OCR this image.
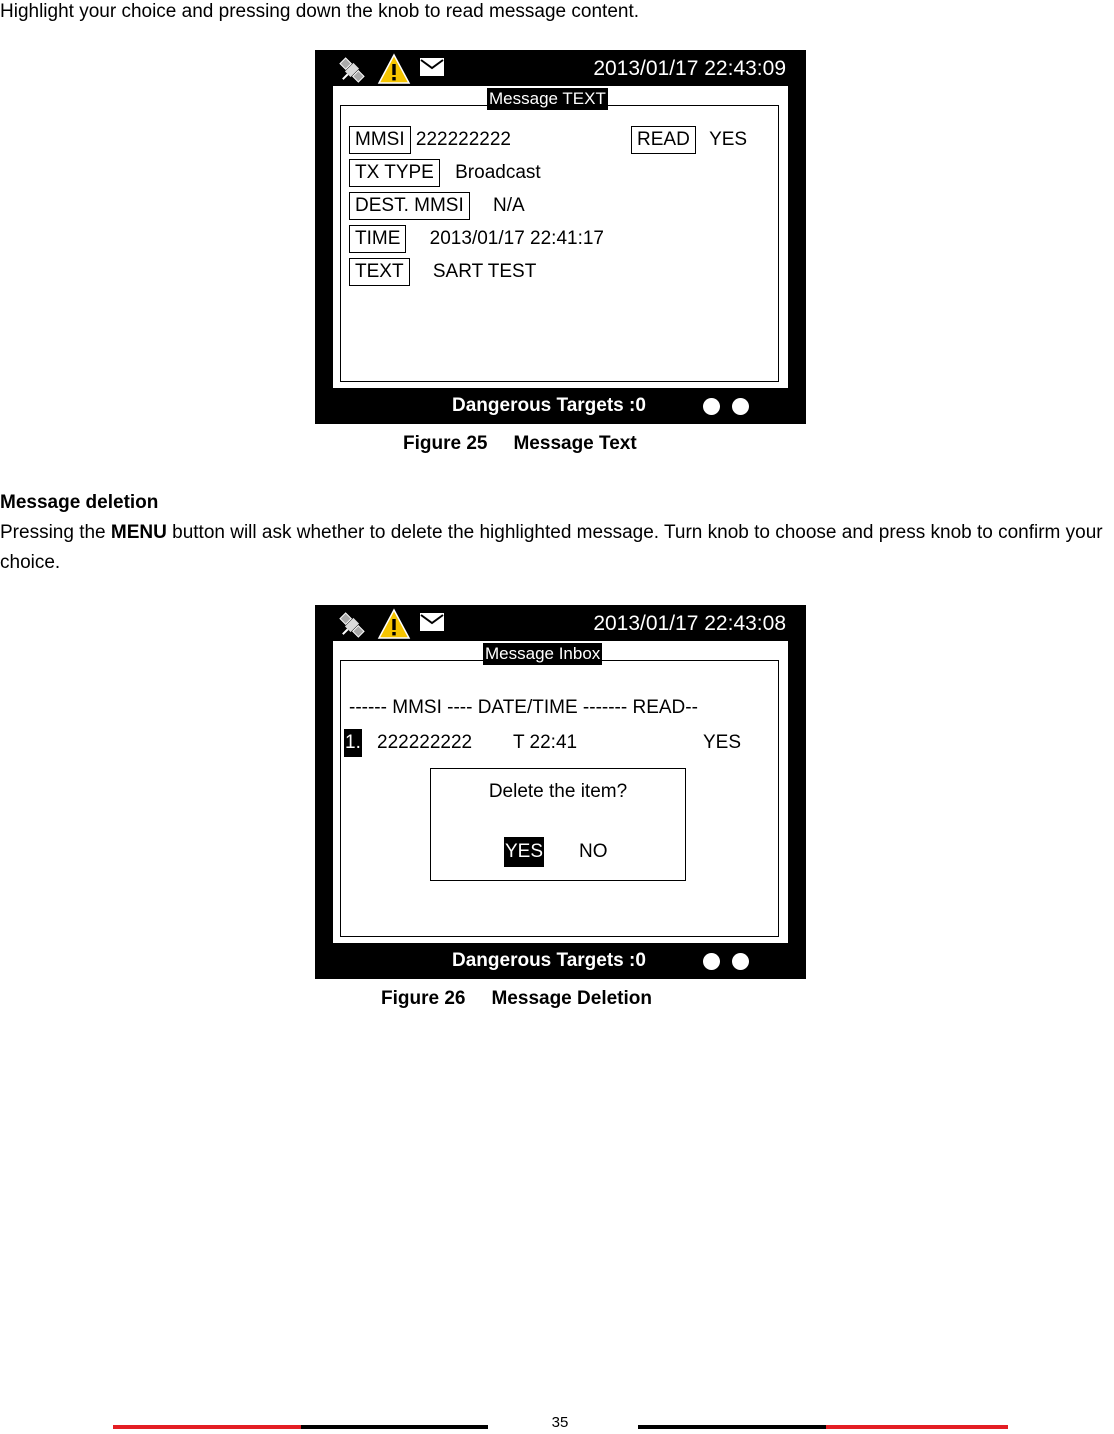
Highlight your choice and pressing down the knob to read message content.

2013/01/17 22:43:09
Message TEXT
MMSI 222222222	READ YES
TX TYPE Broadcast
DEST. MMSI N/A
TIME 2013/01/17 22:41:17
TEXT SART TEST
Dangerous Targets :0
Figure 25 Message Text

Message deletion

Pressing the MENU button will ask whether to delete the highlighted message. Turn knob to choose and press knob to confirm your choice.

2013/01/17 22:43:08
Message Inbox
------ MMSI ---- DATE/TIME ------- READ--
1. 222222222 T 22:41	YES
Delete the item?
YES NO
Dangerous Targets :0
Figure 26 Message Deletion
35
